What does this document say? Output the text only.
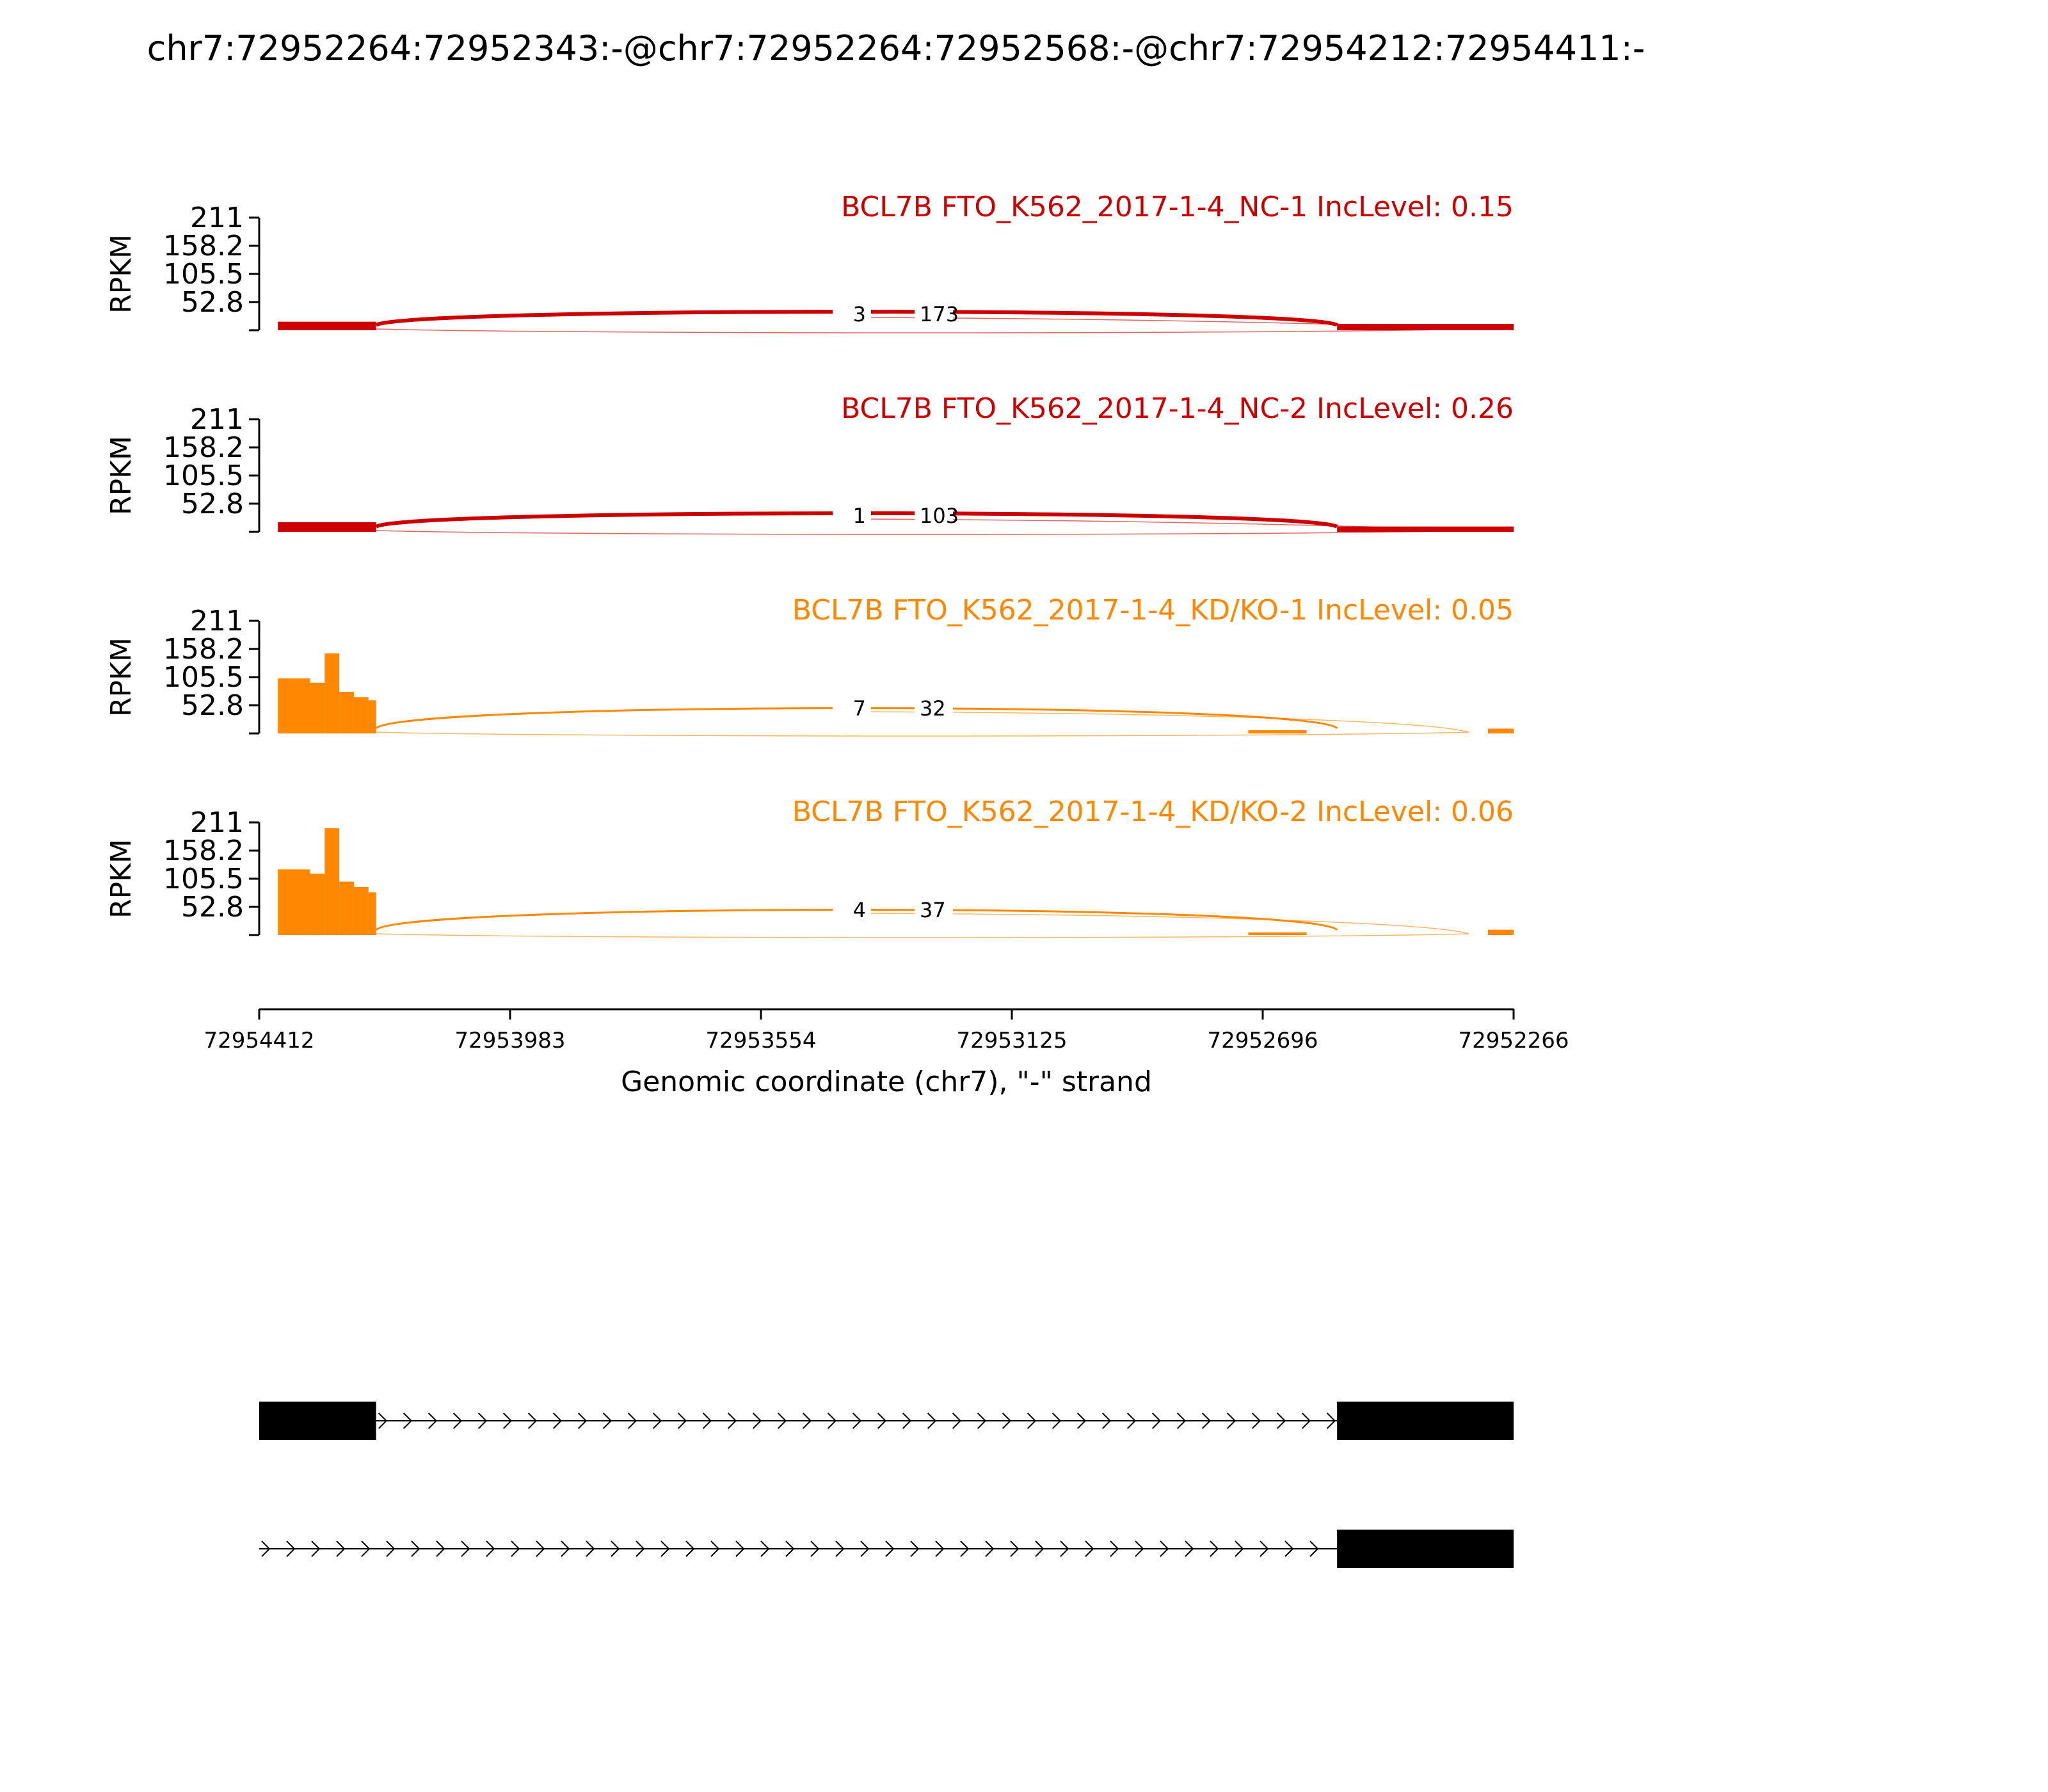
chr7:72952264:72952343:-@chr7:72952264:72952568:-@chr7:72954212:72954411:-
211
158.2
105.5
52.8
RPKM
BCL7B FTO_K562_2017-1-4_NC-1 IncLevel: 0.15
3	173
211
158.2
105.5
52.8
RPKM
BCL7B FTO_K562_2017-1-4_NC-2 IncLevel: 0.26
1	103
211
158.2
105.5
52.8
RPKM
BCL7B FTO_K562_2017-1-4_KD/KO-1 IncLevel: 0.05
7	32
211
158.2
105.5
52.8
RPKM
BCL7B FTO_K562_2017-1-4_KD/KO-2 IncLevel: 0.06
4	37
72954412	72953983	72953554	72953125	72952696	72952266
Genomic coordinate (chr7), "-" strand
